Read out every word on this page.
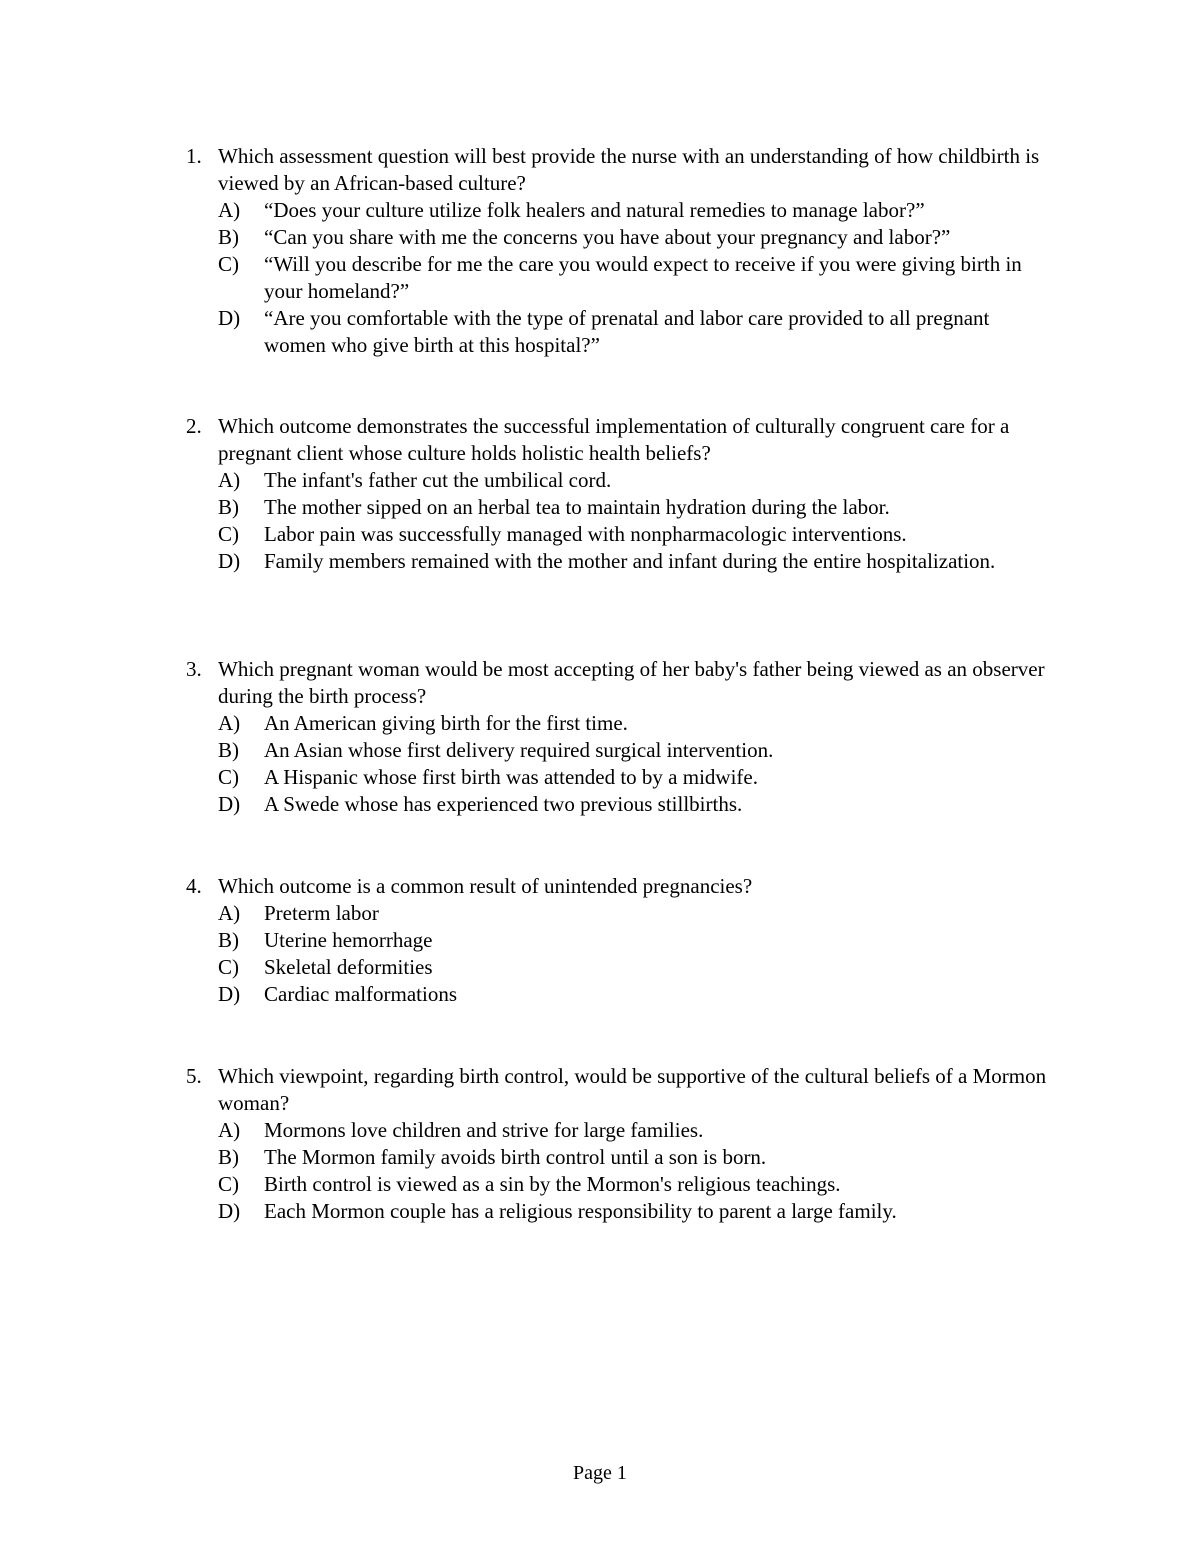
1. Which assessment question will best provide the nurse with an understanding of how childbirth is viewed by an African-based culture?
A)	“Does your culture utilize folk healers and natural remedies to manage labor?”
B)	“Can you share with me the concerns you have about your pregnancy and labor?”
C)	“Will you describe for me the care you would expect to receive if you were giving birth in your homeland?”
D)	“Are you comfortable with the type of prenatal and labor care provided to all pregnant women who give birth at this hospital?”
2. Which outcome demonstrates the successful implementation of culturally congruent care for a pregnant client whose culture holds holistic health beliefs?
A)	The infant's father cut the umbilical cord.
B)	The mother sipped on an herbal tea to maintain hydration during the labor.
C)	Labor pain was successfully managed with nonpharmacologic interventions.
D)	Family members remained with the mother and infant during the entire hospitalization.
3. Which pregnant woman would be most accepting of her baby's father being viewed as an observer during the birth process?
A)	An American giving birth for the first time.
B)	An Asian whose first delivery required surgical intervention.
C)	A Hispanic whose first birth was attended to by a midwife.
D)	A Swede whose has experienced two previous stillbirths.
4. Which outcome is a common result of unintended pregnancies?
A)	Preterm labor
B)	Uterine hemorrhage
C)	Skeletal deformities
D)	Cardiac malformations
5. Which viewpoint, regarding birth control, would be supportive of the cultural beliefs of a Mormon woman?
A)	Mormons love children and strive for large families.
B)	The Mormon family avoids birth control until a son is born.
C)	Birth control is viewed as a sin by the Mormon's religious teachings.
D)	Each Mormon couple has a religious responsibility to parent a large family.
Page 1
